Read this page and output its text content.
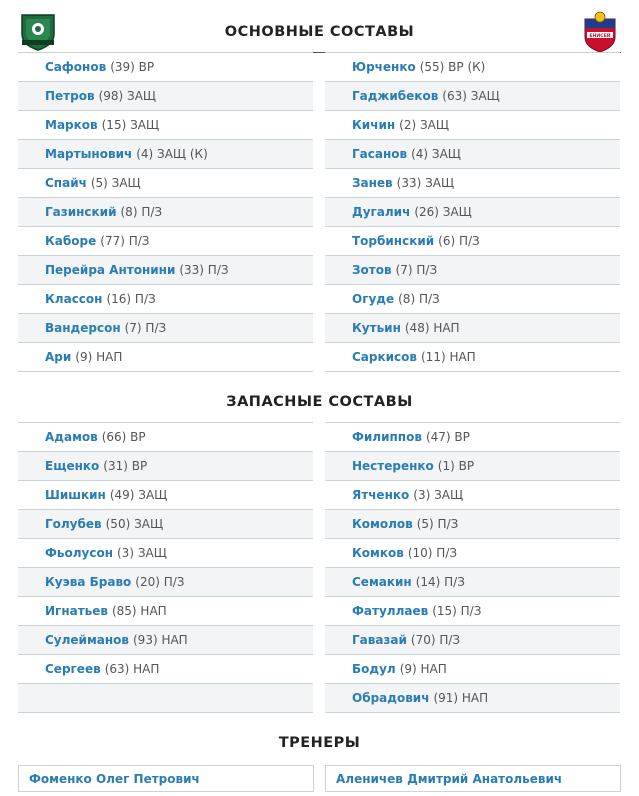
ОСНОВНЫЕ СОСТАВЫ	ЕНИСЕЙ
Сафонов (39) ВР
Петров (98) ЗАЩ
Марков (15) ЗАЩ
Мартынович (4) ЗАЩ (К)
Спайч (5) ЗАЩ
Газинский (8) П/З
Каборе (77) П/З
Перейра Антонини (33) П/З
Классон (16) П/З
Вандерсон (7) П/З
Ари (9) НАП
Юрченко (55) ВР (К)
Гаджибеков (63) ЗАЩ
Кичин (2) ЗАЩ
Гасанов (4) ЗАЩ
Занев (33) ЗАЩ
Дугалич (26) ЗАЩ
Торбинский (6) П/З
Зотов (7) П/З
Огуде (8) П/З
Кутьин (48) НАП
Саркисов (11) НАП
ЗАПАСНЫЕ СОСТАВЫ
Адамов (66) ВР
Ещенко (31) ВР
Шишкин (49) ЗАЩ
Голубев (50) ЗАЩ
Фьолусон (3) ЗАЩ
Куэва Браво (20) П/З
Игнатьев (85) НАП
Сулейманов (93) НАП
Сергеев (63) НАП
Филиппов (47) ВР
Нестеренко (1) ВР
Ятченко (3) ЗАЩ
Комолов (5) П/З
Комков (10) П/З
Семакин (14) П/З
Фатуллаев (15) П/З
Гавазай (70) П/З
Бодул (9) НАП
Обрадович (91) НАП
ТРЕНЕРЫ
Фоменко Олег Петрович	Аленичев Дмитрий Анатольевич
